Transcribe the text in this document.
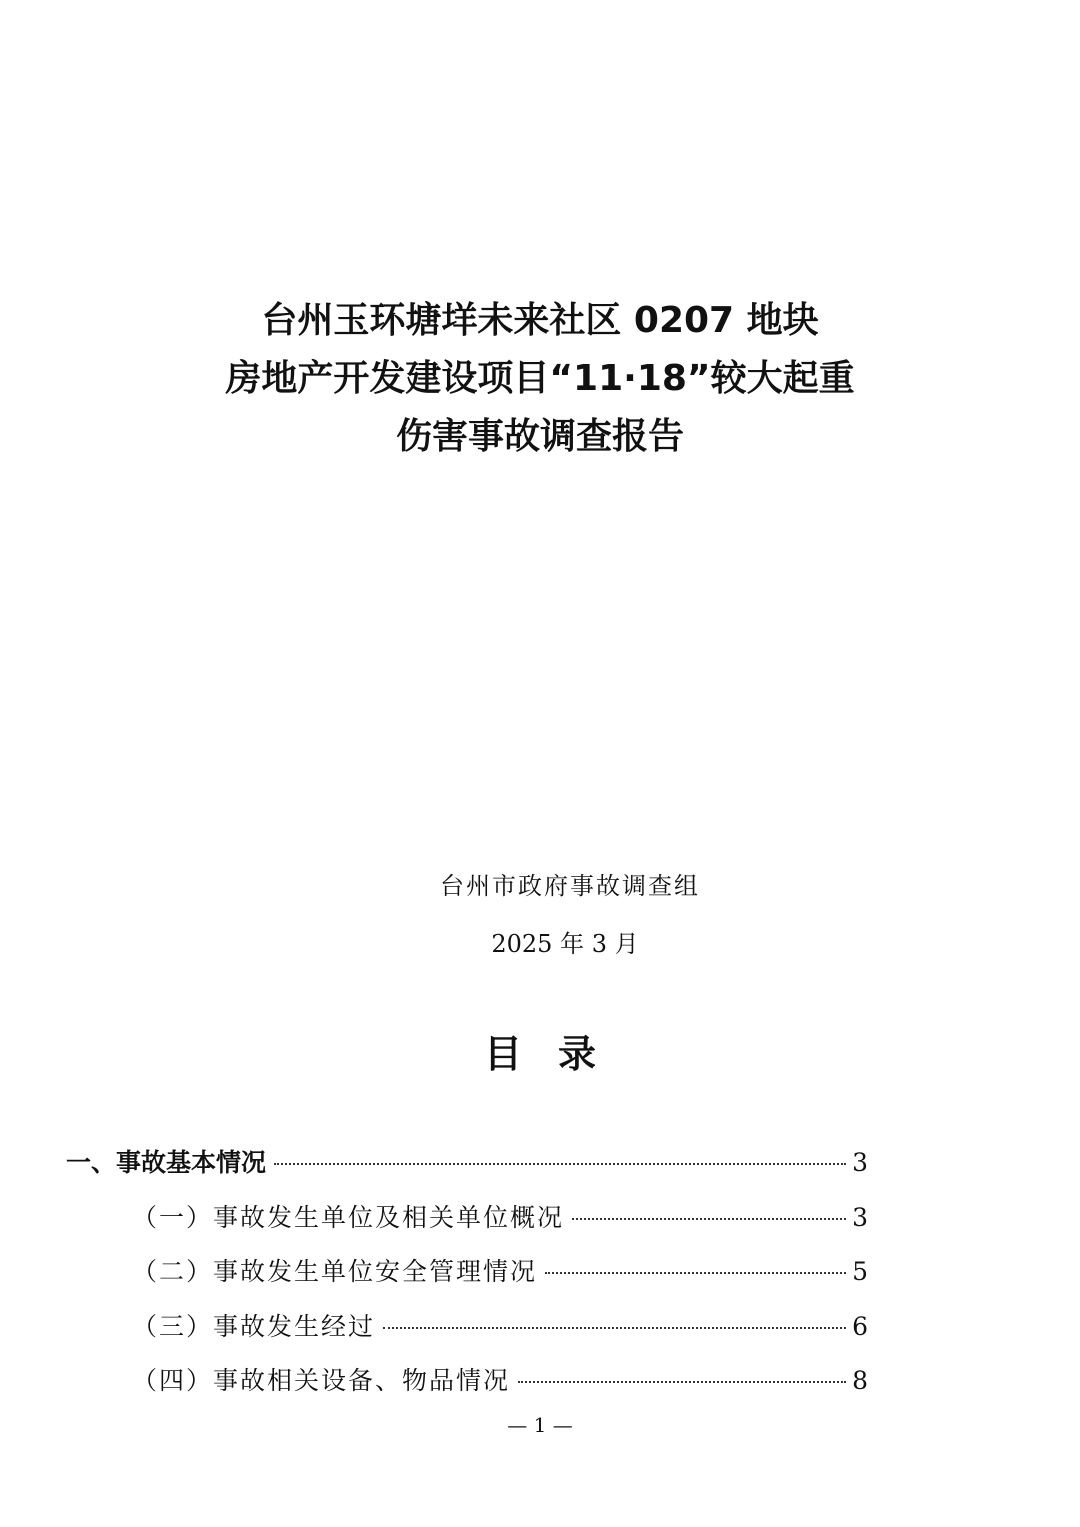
台州玉环塘垟未来社区 0207 地块
房地产开发建设项目“11·18”较大起重
伤害事故调查报告
台州市政府事故调查组
2025 年 3 月
目录
一、事故基本情况	3
（一）事故发生单位及相关单位概况	3
（二）事故发生单位安全管理情况	5
（三）事故发生经过	6
（四）事故相关设备、物品情况	8
— 1 —
